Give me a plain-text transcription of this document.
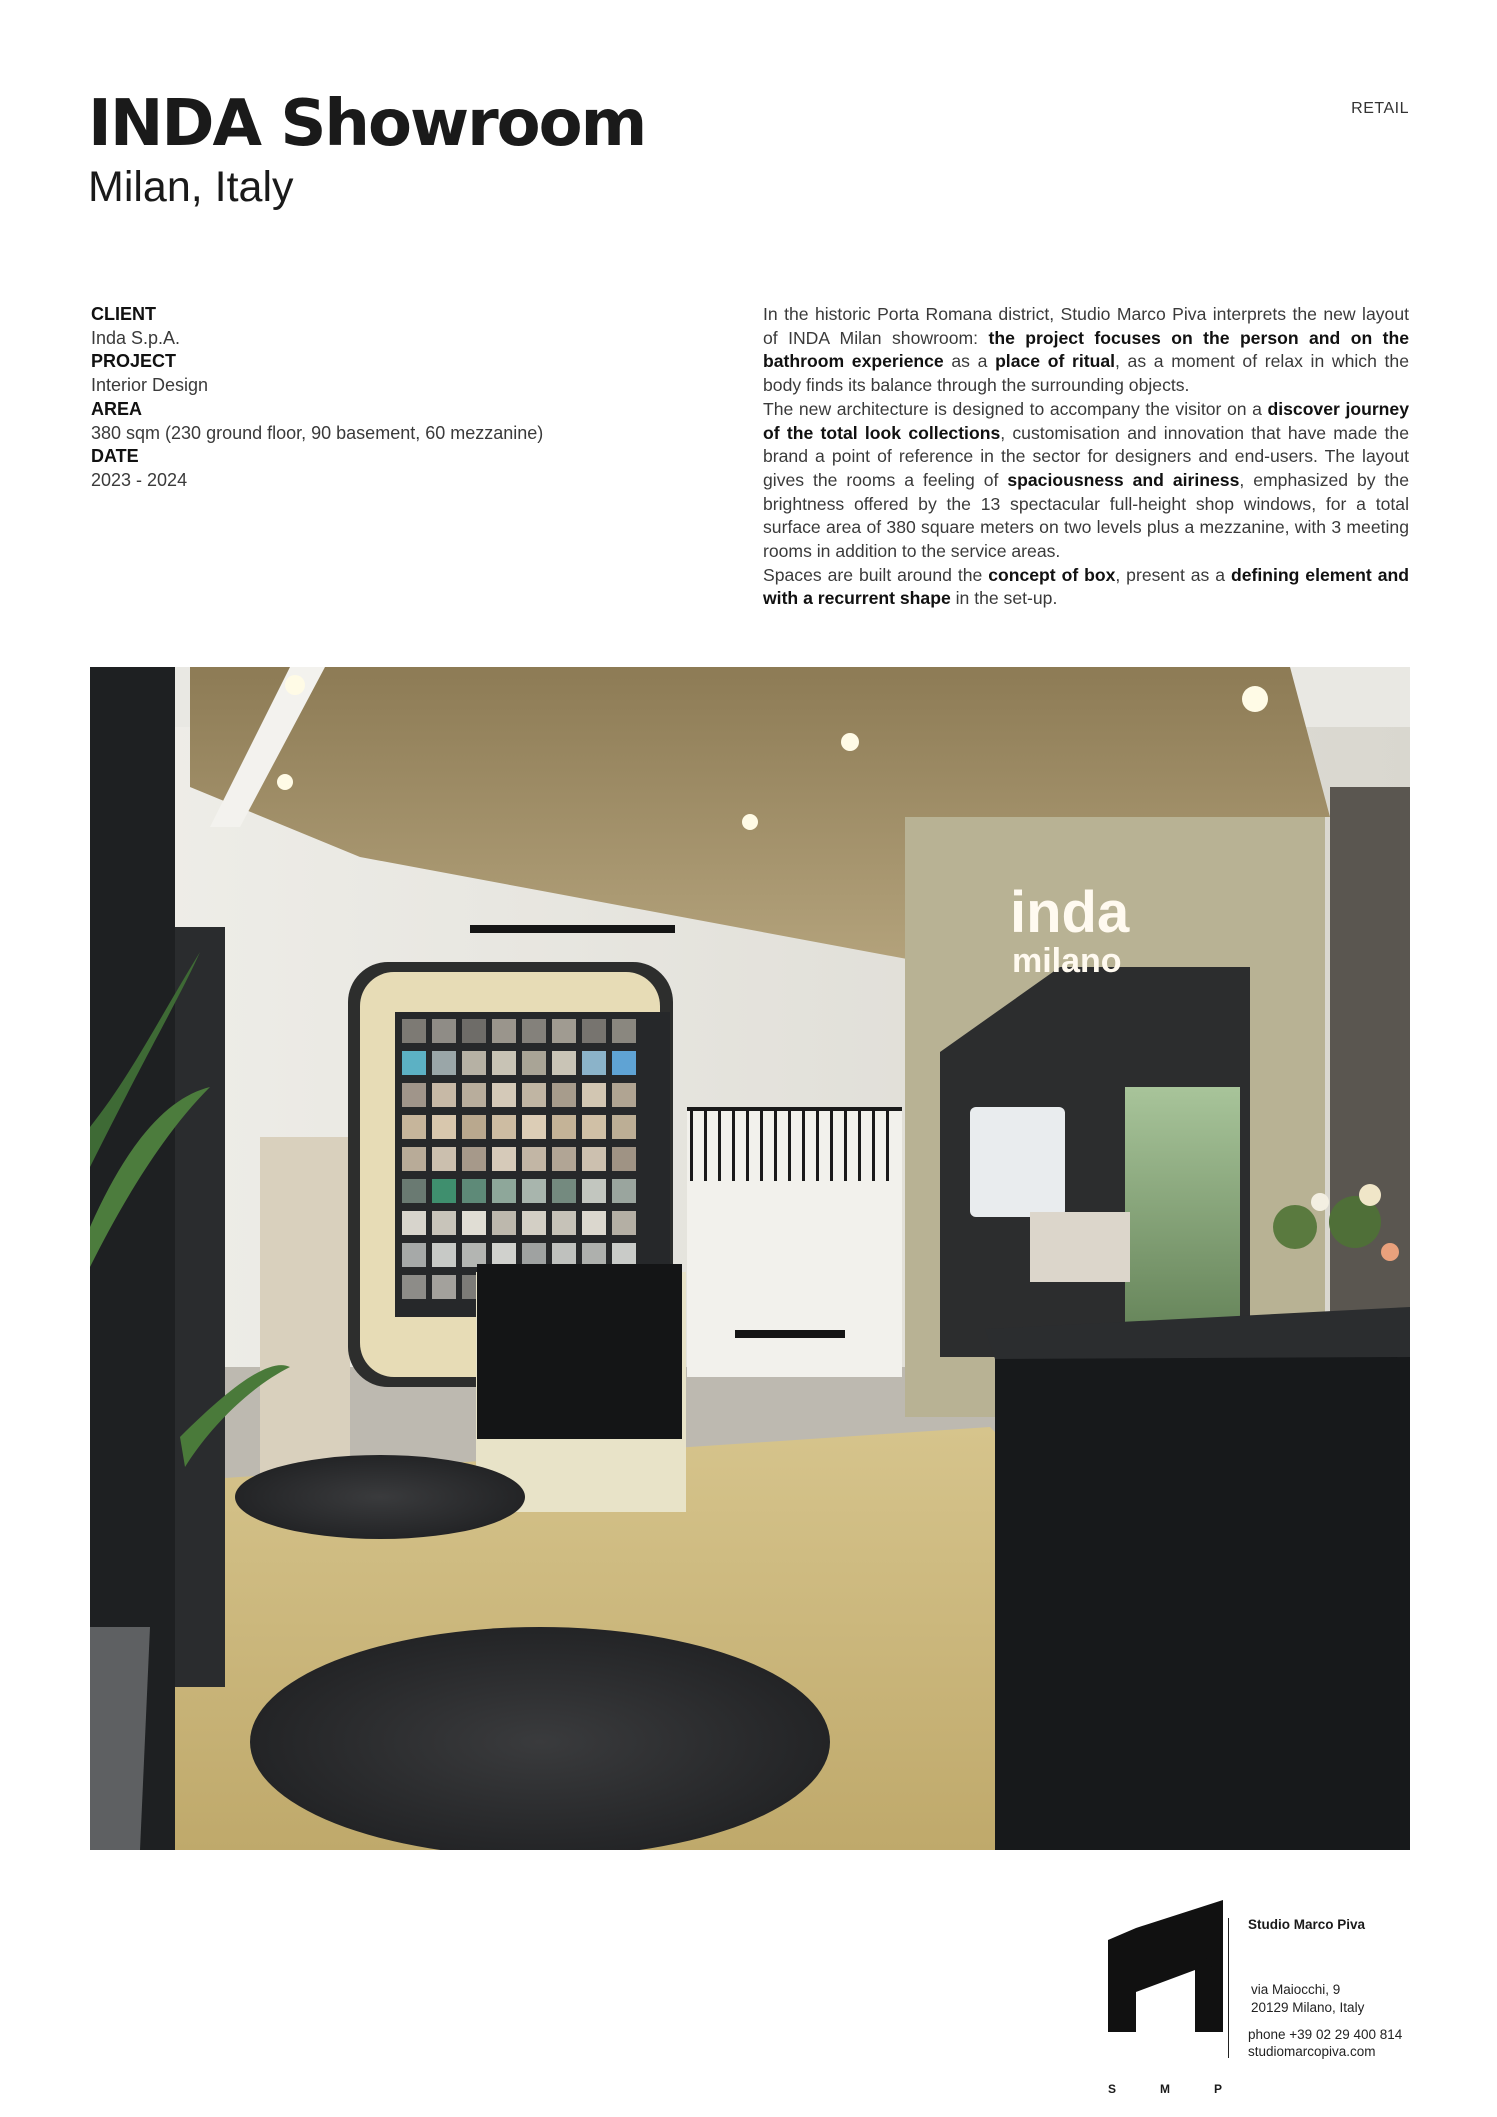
INDA Showroom
Milan, Italy
RETAIL
CLIENT
Inda S.p.A.
PROJECT
Interior Design
AREA
380 sqm (230 ground floor, 90 basement, 60 mezzanine)
DATE
2023 - 2024

In the historic Porta Romana district, Studio Marco Piva interprets the new layout of INDA Milan showroom: the project focuses on the person and on the bathroom experience as a place of ritual, as a moment of relax in which the body finds its balance through the surrounding objects.

The new architecture is designed to accompany the visitor on a discover journey of the total look collections, customisation and innovation that have made the brand a point of reference in the sector for designers and end-users. The layout gives the rooms a feeling of spaciousness and airiness, emphasized by the brightness offered by the 13 spectacular full-height shop windows, for a total surface area of 380 square meters on two levels plus a mezzanine, with 3 meeting rooms in addition to the service areas.

Spaces are built around the concept of box, present as a defining element and with a recurrent shape in the set-up.

inda
milano
S	M	P
Studio Marco Piva
via Maiocchi, 9
20129 Milano, Italy
phone +39 02 29 400 814
studiomarcopiva.com
